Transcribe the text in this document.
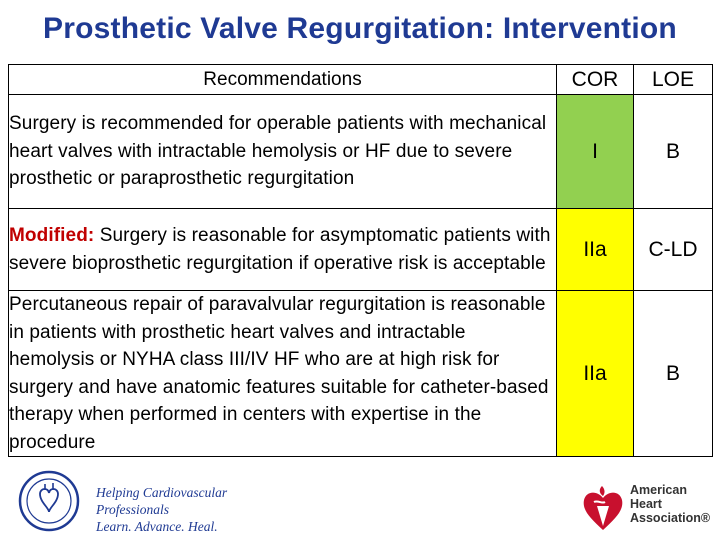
Prosthetic Valve Regurgitation: Intervention
Recommendations	COR	LOE
Surgery is recommended for operable patients with mechanical heart valves with intractable hemolysis or HF due to severe prosthetic or paraprosthetic regurgitation	I	B
Modified: Surgery is reasonable for asymptomatic patients with severe bioprosthetic regurgitation if operative risk is acceptable	IIa	C-LD
Percutaneous repair of paravalvular regurgitation is reasonable in patients with prosthetic heart valves and intractable hemolysis or NYHA class III/IV HF who are at high risk for surgery and have anatomic features suitable for catheter-based therapy when performed in centers with expertise in the procedure	IIa	B
Helping Cardiovascular Professionals
Learn. Advance. Heal.
American
Heart
Association®
